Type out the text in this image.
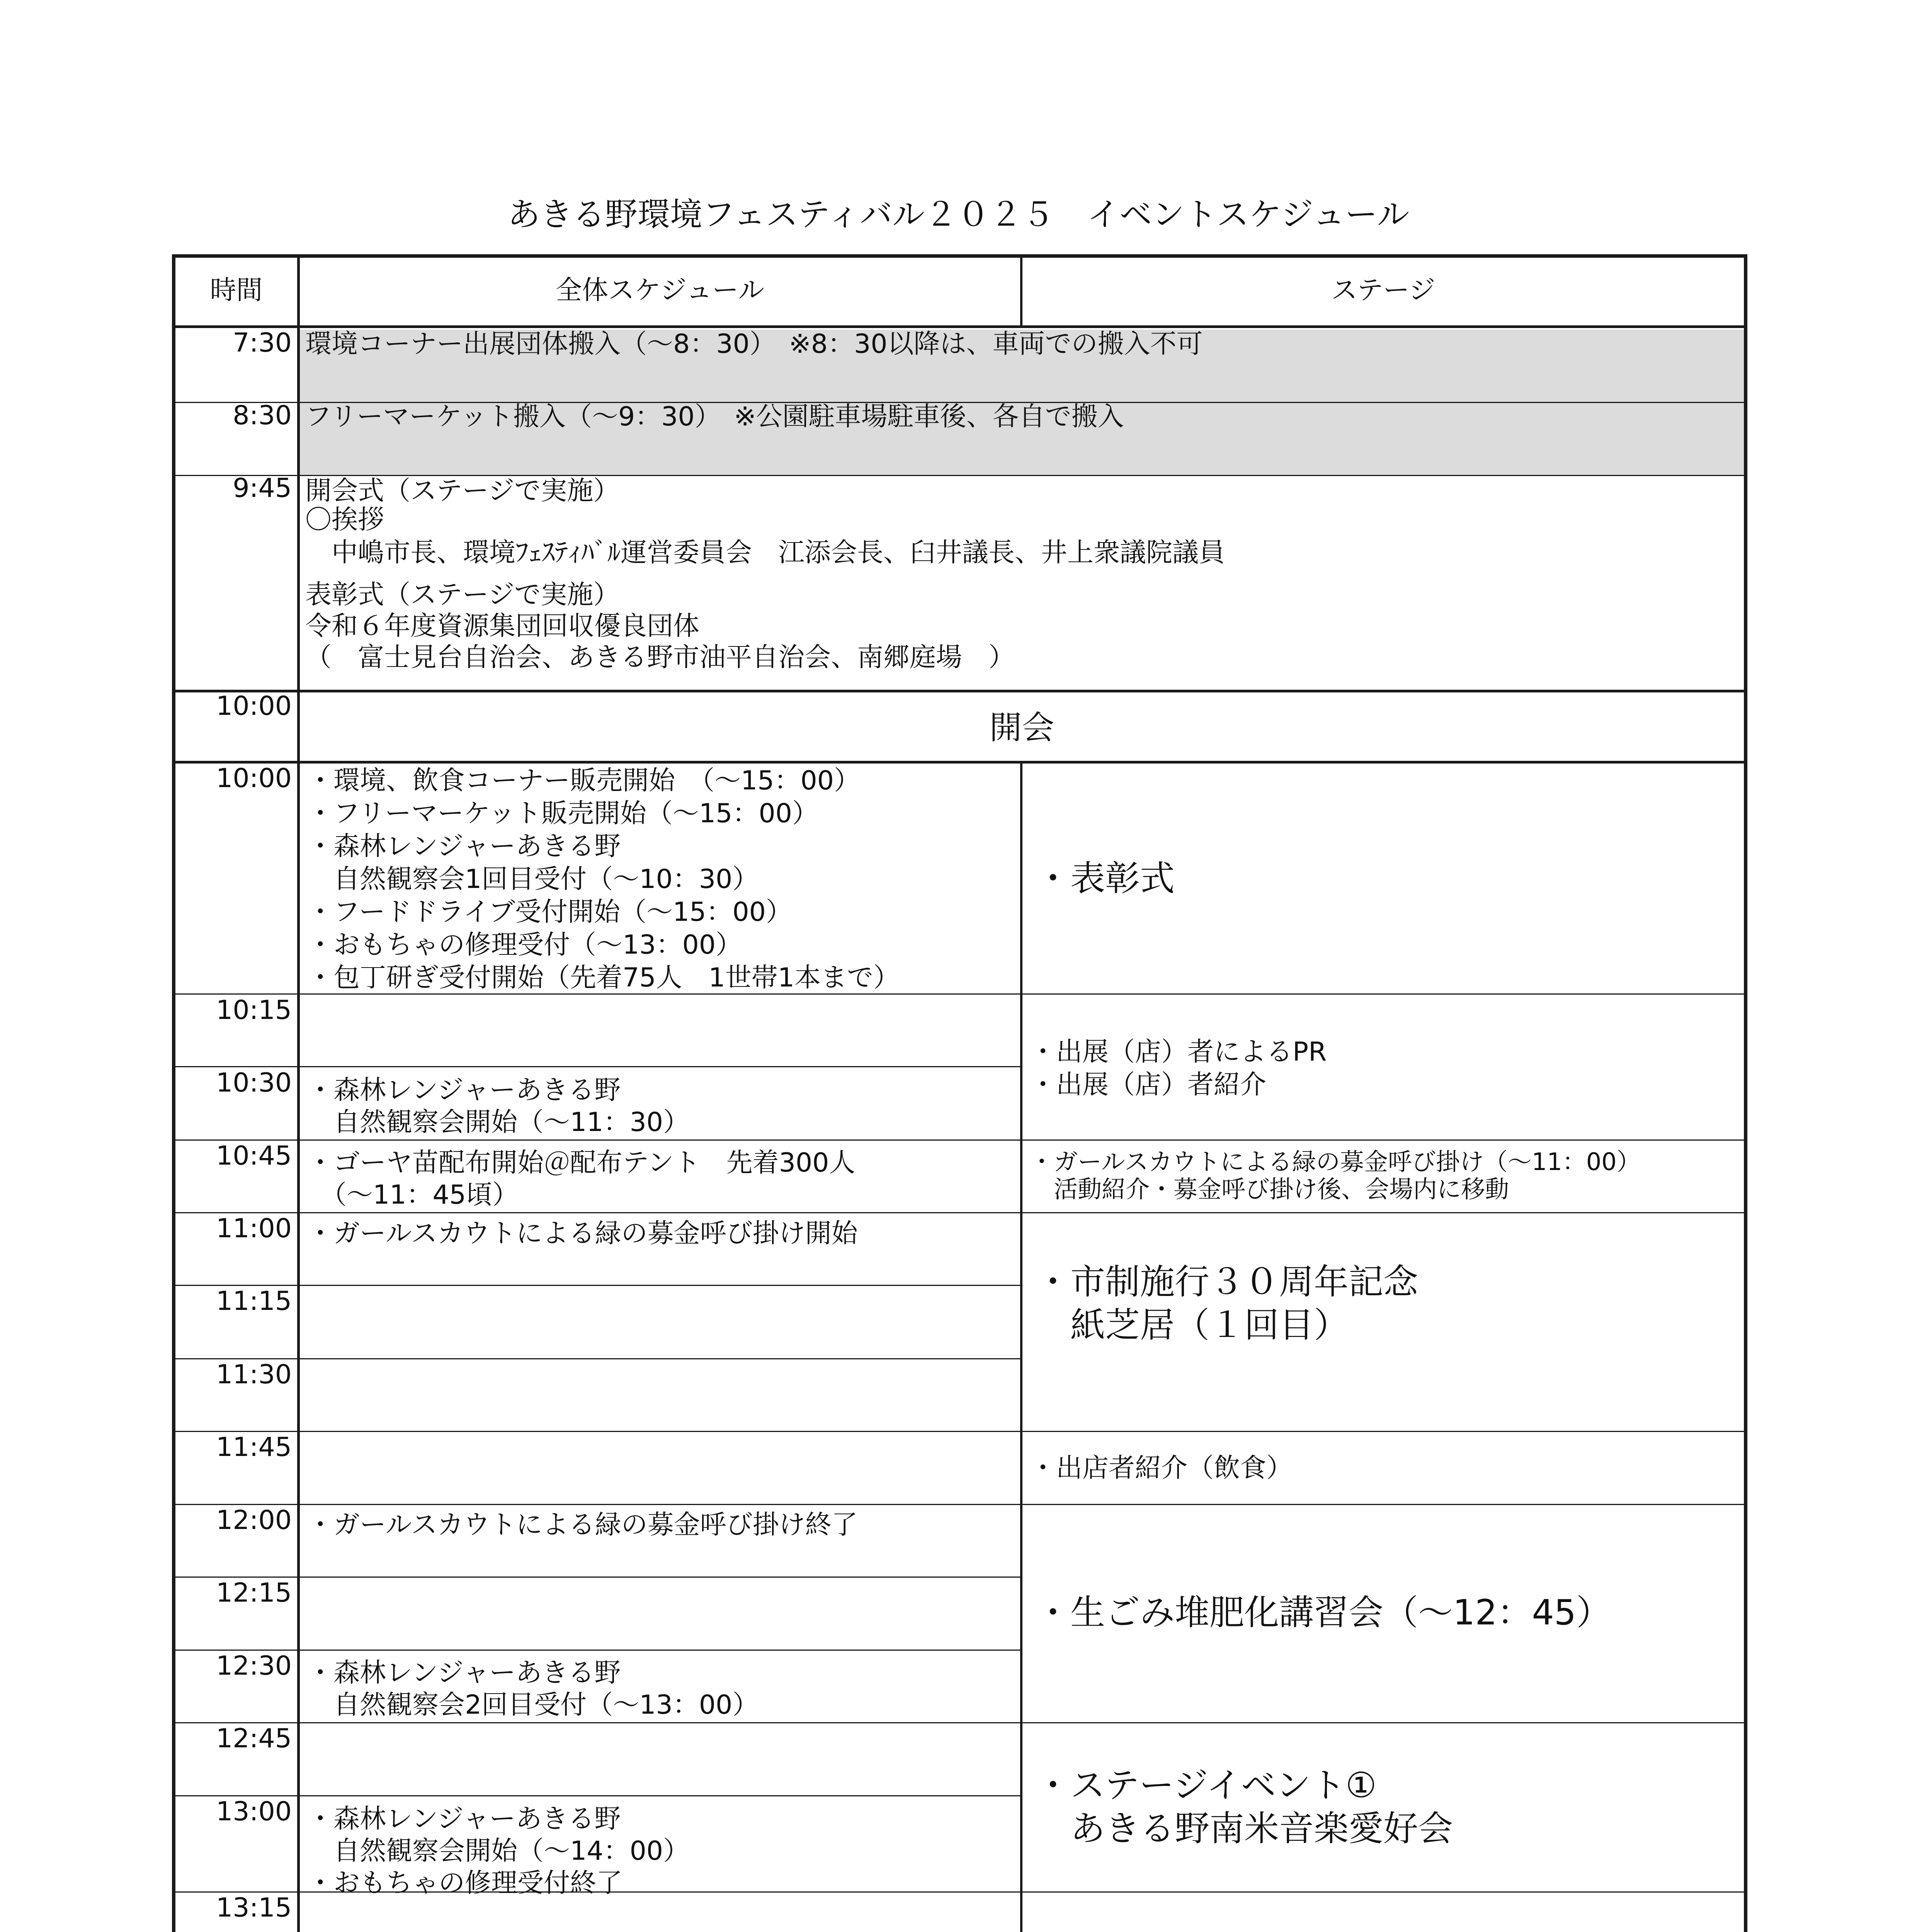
あきる野環境フェスティバル２０２５　イベントスケジュール
時間	全体スケジュール	ステージ
7:30
8:30
9:45
10:00
10:00
10:15
10:30
10:45
11:00
11:15
11:30
11:45
12:00
12:15
12:30
12:45
13:00
13:15
環境コーナー出展団体搬入（〜8：30）　※8：30以降は、車両での搬入不可
フリーマーケット搬入（〜9：30）　※公園駐車場駐車後、各自で搬入
開会式（ステージで実施）
〇挨拶
　中嶋市長、環境ﾌｪｽﾃｨﾊﾞﾙ運営委員会　江添会長、臼井議長、井上衆議院議員
表彰式（ステージで実施）
令和６年度資源集団回収優良団体
（　富士見台自治会、あきる野市油平自治会、南郷庭場　）
開会
・環境、飲食コーナー販売開始　（〜15：00）
・フリーマーケット販売開始（〜15：00）
・森林レンジャーあきる野
　自然観察会1回目受付（〜10：30）
・フードドライブ受付開始（〜15：00）
・おもちゃの修理受付（〜13：00）
・包丁研ぎ受付開始（先着75人　1世帯1本まで）
・森林レンジャーあきる野
　自然観察会開始（〜11：30）
・ゴーヤ苗配布開始＠配布テント　先着300人
　（〜11：45頃）
・ガールスカウトによる緑の募金呼び掛け開始
・ガールスカウトによる緑の募金呼び掛け終了
・森林レンジャーあきる野
　自然観察会2回目受付（〜13：00）
・森林レンジャーあきる野
　自然観察会開始（〜14：00）
・おもちゃの修理受付終了
・表彰式
・出展（店）者によるPR
・出展（店）者紹介
・ガールスカウトによる緑の募金呼び掛け（〜11：00）
　活動紹介・募金呼び掛け後、会場内に移動
・市制施行３０周年記念
　紙芝居（１回目）
・出店者紹介（飲食）
・生ごみ堆肥化講習会（〜12：45）
・ステージイベント①
　あきる野南米音楽愛好会
